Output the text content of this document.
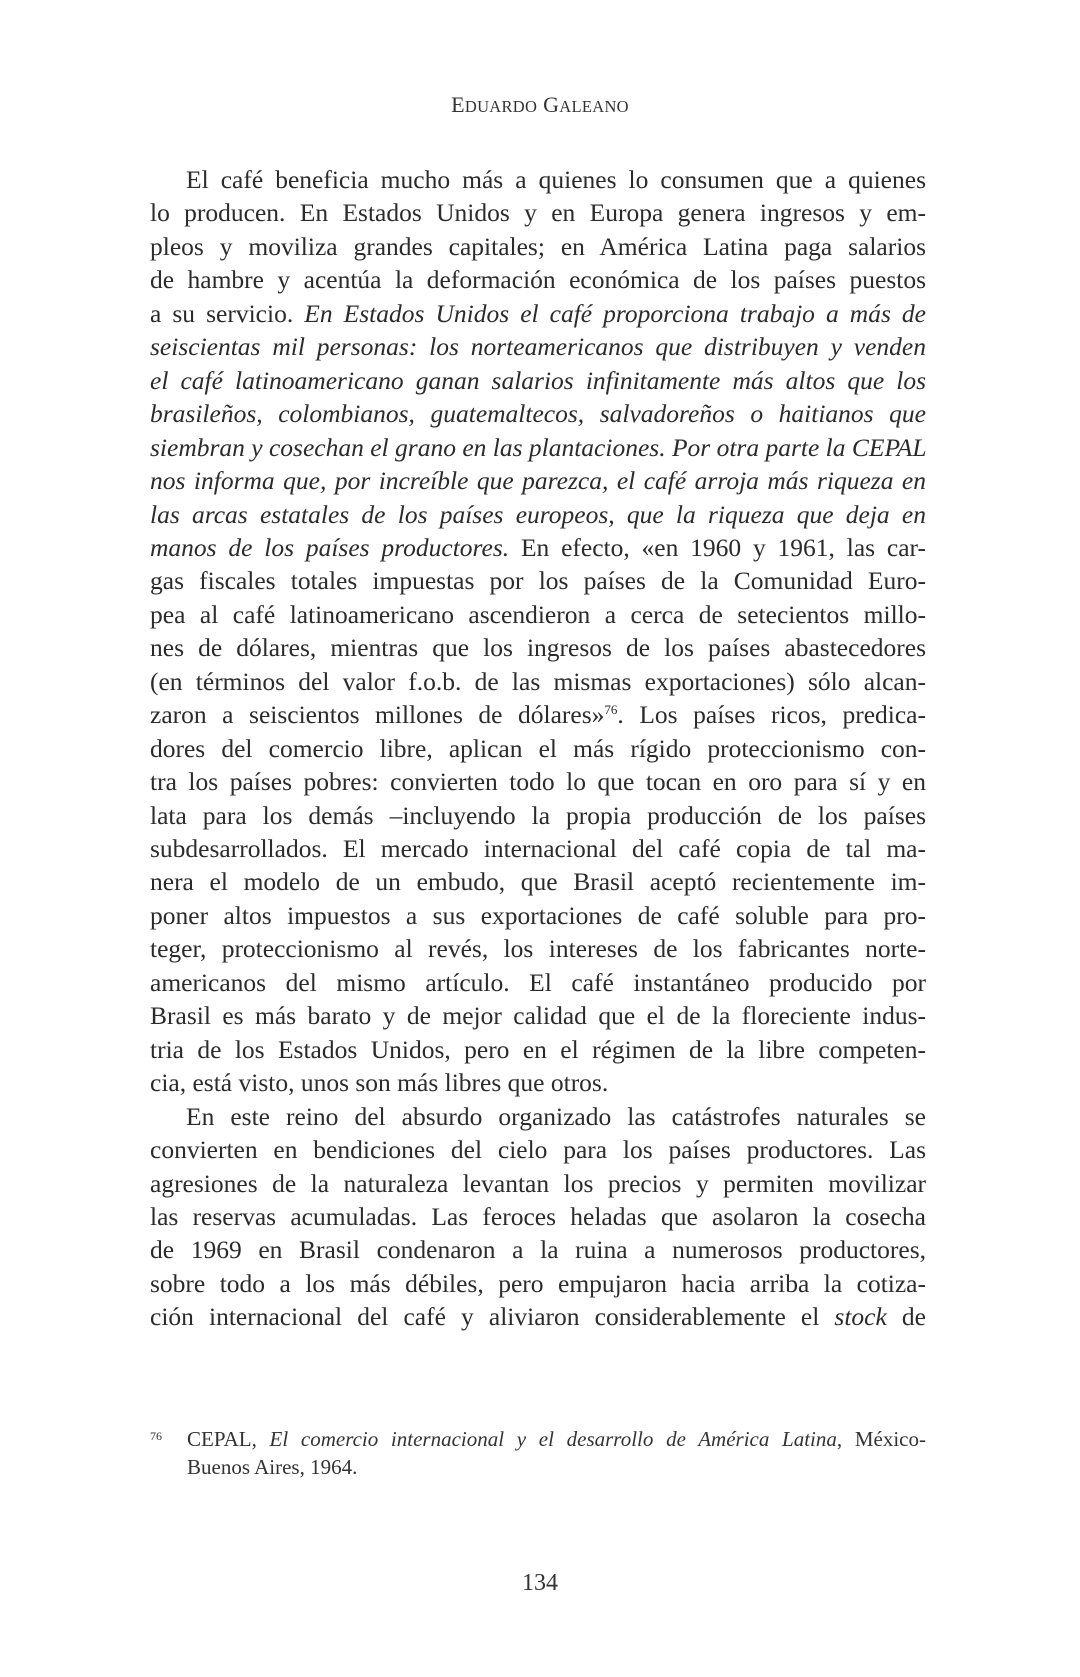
EDUARDO GALEANO
El café beneficia mucho más a quienes lo consumen que a quienes
lo producen. En Estados Unidos y en Europa genera ingresos y em-
pleos y moviliza grandes capitales; en América Latina paga salarios
de hambre y acentúa la deformación económica de los países puestos
a su servicio. En Estados Unidos el café proporciona trabajo a más de
seiscientas mil personas: los norteamericanos que distribuyen y venden
el café latinoamericano ganan salarios infinitamente más altos que los
brasileños, colombianos, guatemaltecos, salvadoreños o haitianos que
siembran y cosechan el grano en las plantaciones. Por otra parte la CEPAL
nos informa que, por increíble que parezca, el café arroja más riqueza en
las arcas estatales de los países europeos, que la riqueza que deja en
manos de los países productores. En efecto, «en 1960 y 1961, las car-
gas fiscales totales impuestas por los países de la Comunidad Euro-
pea al café latinoamericano ascendieron a cerca de setecientos millo-
nes de dólares, mientras que los ingresos de los países abastecedores
(en términos del valor f.o.b. de las mismas exportaciones) sólo alcan-
zaron a seiscientos millones de dólares»$^{76}$. Los países ricos, predica-
dores del comercio libre, aplican el más rígido proteccionismo con-
tra los países pobres: convierten todo lo que tocan en oro para sí y en
lata para los demás –incluyendo la propia producción de los países
subdesarrollados. El mercado internacional del café copia de tal ma-
nera el modelo de un embudo, que Brasil aceptó recientemente im-
poner altos impuestos a sus exportaciones de café soluble para pro-
teger, proteccionismo al revés, los intereses de los fabricantes norte-
americanos del mismo artículo. El café instantáneo producido por
Brasil es más barato y de mejor calidad que el de la floreciente indus-
tria de los Estados Unidos, pero en el régimen de la libre competen-
cia, está visto, unos son más libres que otros.
En este reino del absurdo organizado las catástrofes naturales se
convierten en bendiciones del cielo para los países productores. Las
agresiones de la naturaleza levantan los precios y permiten movilizar
las reservas acumuladas. Las feroces heladas que asolaron la cosecha
de 1969 en Brasil condenaron a la ruina a numerosos productores,
sobre todo a los más débiles, pero empujaron hacia arriba la cotiza-
ción internacional del café y aliviaron considerablemente el stock de
76 CEPAL, El comercio internacional y el desarrollo de América Latina, México-
Buenos Aires, 1964.
134
